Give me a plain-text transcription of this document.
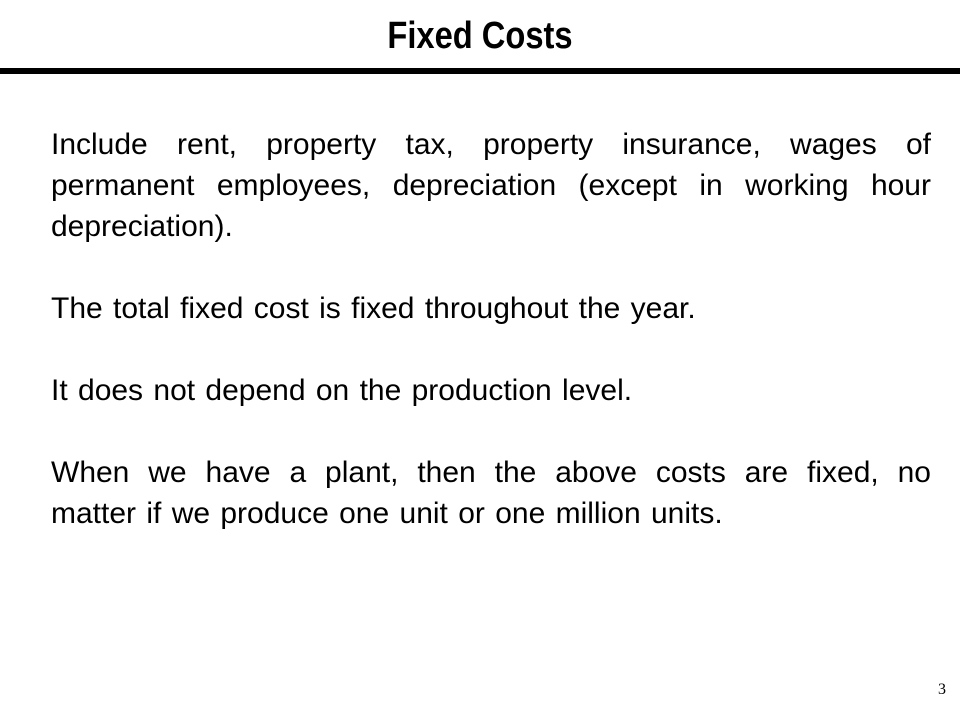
Fixed Costs

Include rent, property tax, property insurance, wages of permanent employees, depreciation (except in working hour depreciation).

The total fixed cost is fixed throughout the year.

It does not depend on the production level.

When we have a plant, then the above costs are fixed, no matter if we produce one unit or one million units.

3
